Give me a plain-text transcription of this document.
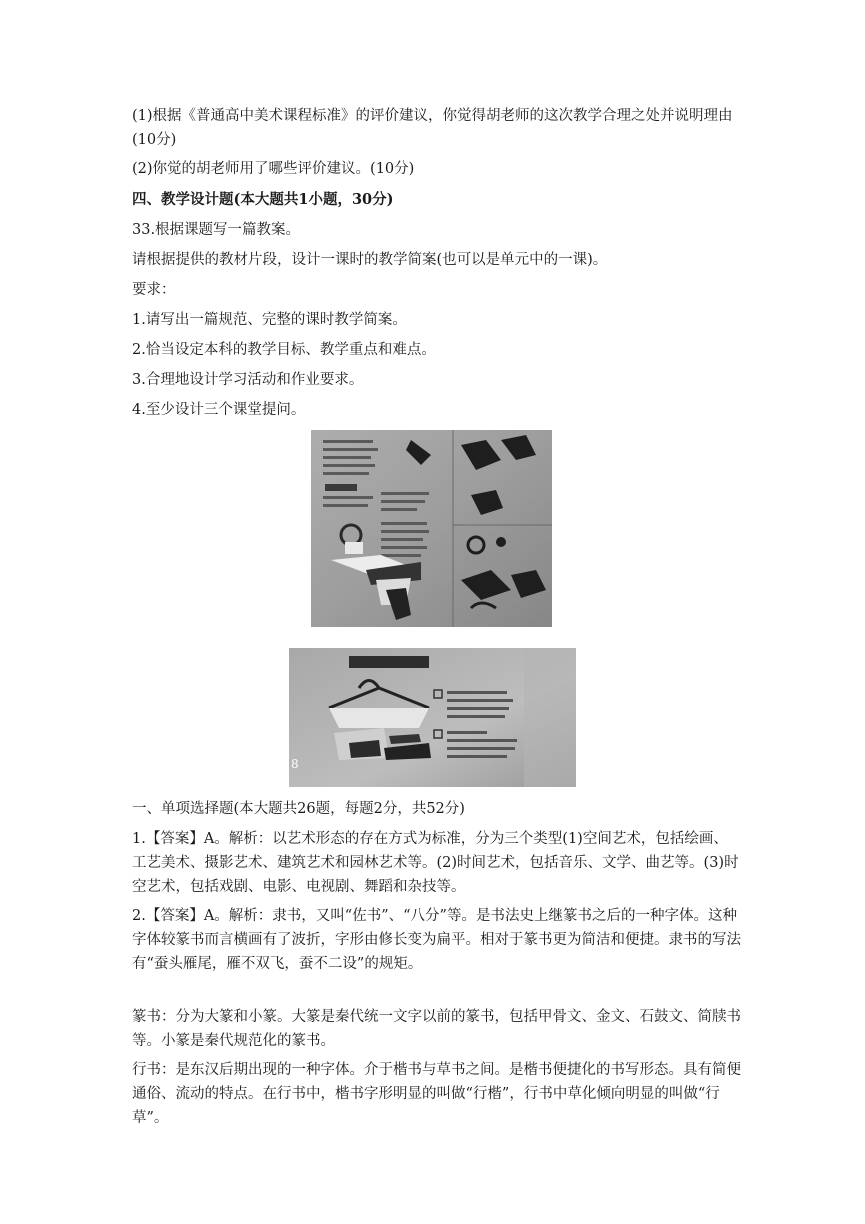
(1)根据《普通高中美术课程标准》的评价建议，你觉得胡老师的这次教学合理之处并说明理由(10分)

(2)你觉的胡老师用了哪些评价建议。(10分)

四、教学设计题(本大题共1小题，30分)

33.根据课题写一篇教案。

请根据提供的教材片段，设计一课时的教学简案(也可以是单元中的一课)。

要求：

1.请写出一篇规范、完整的课时教学简案。

2.恰当设定本科的教学目标、教学重点和难点。

3.合理地设计学习活动和作业要求。

4.至少设计三个课堂提问。

8

一、单项选择题(本大题共26题，每题2分，共52分)

1.【答案】A。解析：以艺术形态的存在方式为标准，分为三个类型(1)空间艺术，包括绘画、工艺美术、摄影艺术、建筑艺术和园林艺术等。(2)时间艺术，包括音乐、文学、曲艺等。(3)时空艺术，包括戏剧、电影、电视剧、舞蹈和杂技等。

2.【答案】A。解析：隶书，又叫“佐书”、“八分”等。是书法史上继篆书之后的一种字体。这种字体较篆书而言横画有了波折，字形由修长变为扁平。相对于篆书更为简洁和便捷。隶书的写法有“蚕头雁尾，雁不双飞，蚕不二设”的规矩。

篆书：分为大篆和小篆。大篆是秦代统一文字以前的篆书，包括甲骨文、金文、石鼓文、简牍书等。小篆是秦代规范化的篆书。

行书：是东汉后期出现的一种字体。介于楷书与草书之间。是楷书便捷化的书写形态。具有简便通俗、流动的特点。在行书中，楷书字形明显的叫做“行楷”，行书中草化倾向明显的叫做“行草”。
